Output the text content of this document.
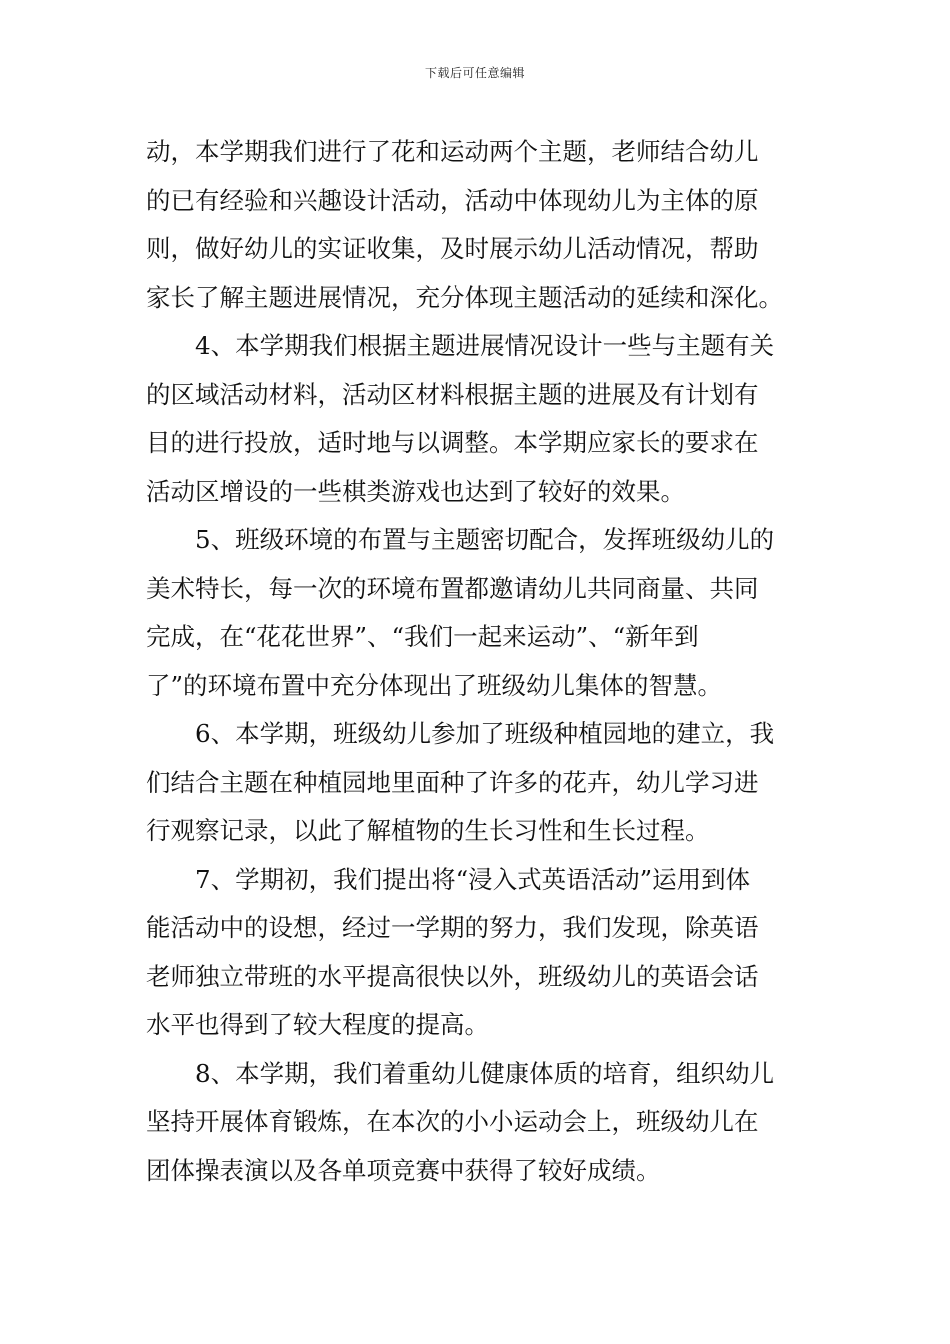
下载后可任意编辑
动，本学期我们进行了花和运动两个主题，老师结合幼儿
的已有经验和兴趣设计活动，活动中体现幼儿为主体的原
则，做好幼儿的实证收集，及时展示幼儿活动情况，帮助
家长了解主题进展情况，充分体现主题活动的延续和深化。
4、本学期我们根据主题进展情况设计一些与主题有关
的区域活动材料，活动区材料根据主题的进展及有计划有
目的进行投放，适时地与以调整。本学期应家长的要求在
活动区增设的一些棋类游戏也达到了较好的效果。
5、班级环境的布置与主题密切配合，发挥班级幼儿的
美术特长，每一次的环境布置都邀请幼儿共同商量、共同
完成，在“花花世界”、“我们一起来运动”、“新年到
了”的环境布置中充分体现出了班级幼儿集体的智慧。
6、本学期，班级幼儿参加了班级种植园地的建立，我
们结合主题在种植园地里面种了许多的花卉，幼儿学习进
行观察记录，以此了解植物的生长习性和生长过程。
7、学期初，我们提出将“浸入式英语活动”运用到体
能活动中的设想，经过一学期的努力，我们发现，除英语
老师独立带班的水平提高很快以外，班级幼儿的英语会话
水平也得到了较大程度的提高。
8、本学期，我们着重幼儿健康体质的培育，组织幼儿
坚持开展体育锻炼，在本次的小小运动会上，班级幼儿在
团体操表演以及各单项竞赛中获得了较好成绩。
